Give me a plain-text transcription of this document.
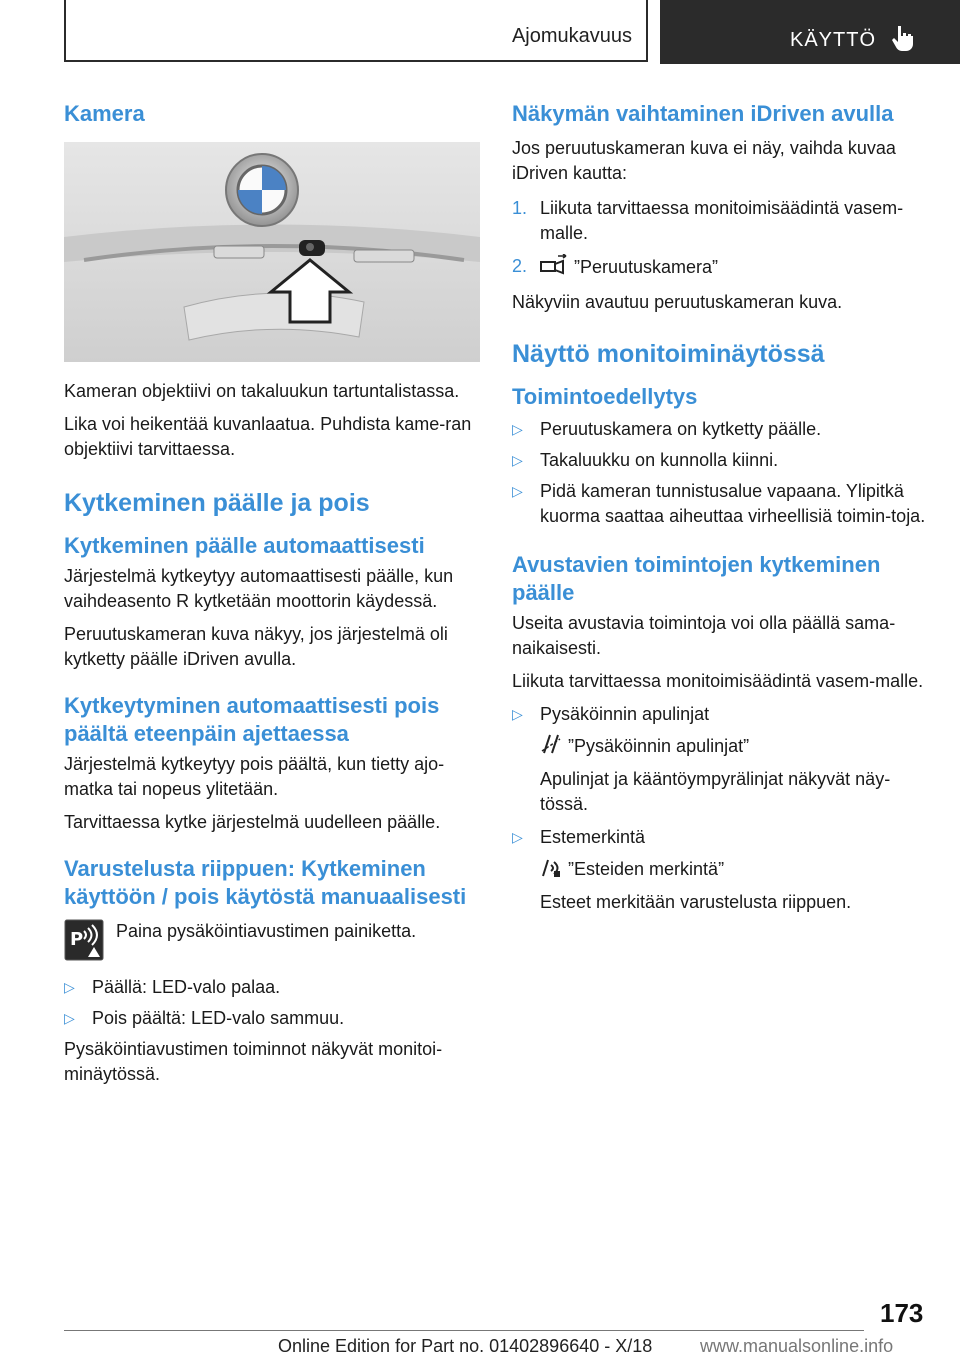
Ajomukavuus	KÄYTTÖ
Kamera

Kameran objektiivi on takaluukun tartuntalistassa.

Lika voi heikentää kuvanlaatua. Puhdista kame-ran objektiivi tarvittaessa.

Kytkeminen päälle ja pois
Kytkeminen päälle automaattisesti

Järjestelmä kytkeytyy automaattisesti päälle, kun vaihdeasento R kytketään moottorin käydessä.

Peruutuskameran kuva näkyy, jos järjestelmä oli kytketty päälle iDriven avulla.

Kytkeytyminen automaattisesti pois päältä eteenpäin ajettaessa

Järjestelmä kytkeytyy pois päältä, kun tietty ajo-matka tai nopeus ylitetään.

Tarvittaessa kytke järjestelmä uudelleen päälle.

Varustelusta riippuen: Kytkeminen käyttöön / pois käytöstä manuaalisesti
P Paina pysäköintiavustimen painiketta.

▷ Päällä: LED-valo palaa.
▷ Pois päältä: LED-valo sammuu.

Pysäköintiavustimen toiminnot näkyvät monitoi-minäytössä.

Näkymän vaihtaminen iDriven avulla

Jos peruutuskameran kuva ei näy, vaihda kuvaa iDriven kautta:

1. Liikuta tarvittaessa monitoimisäädintä vasem-malle.
2.	”Peruutuskamera”

Näkyviin avautuu peruutuskameran kuva.

Näyttö monitoiminäytössä
Toimintoedellytys
▷ Peruutuskamera on kytketty päälle.
▷ Takaluukku on kunnolla kiinni.
▷ Pidä kameran tunnistusalue vapaana. Ylipitkä kuorma saattaa aiheuttaa virheellisiä toimin-toja.
Avustavien toimintojen kytkeminen päälle

Useita avustavia toimintoja voi olla päällä sama-naikaisesti.

Liikuta tarvittaessa monitoimisäädintä vasem-malle.

▷ Pysäköinnin apulinjat

”Pysäköinnin apulinjat”

Apulinjat ja kääntöympyrälinjat näkyvät näy-tössä.

▷ Estemerkintä

”Esteiden merkintä”

Esteet merkitään varustelusta riippuen.

173
Online Edition for Part no. 01402896640 - X/18	www.manualsonline.info
